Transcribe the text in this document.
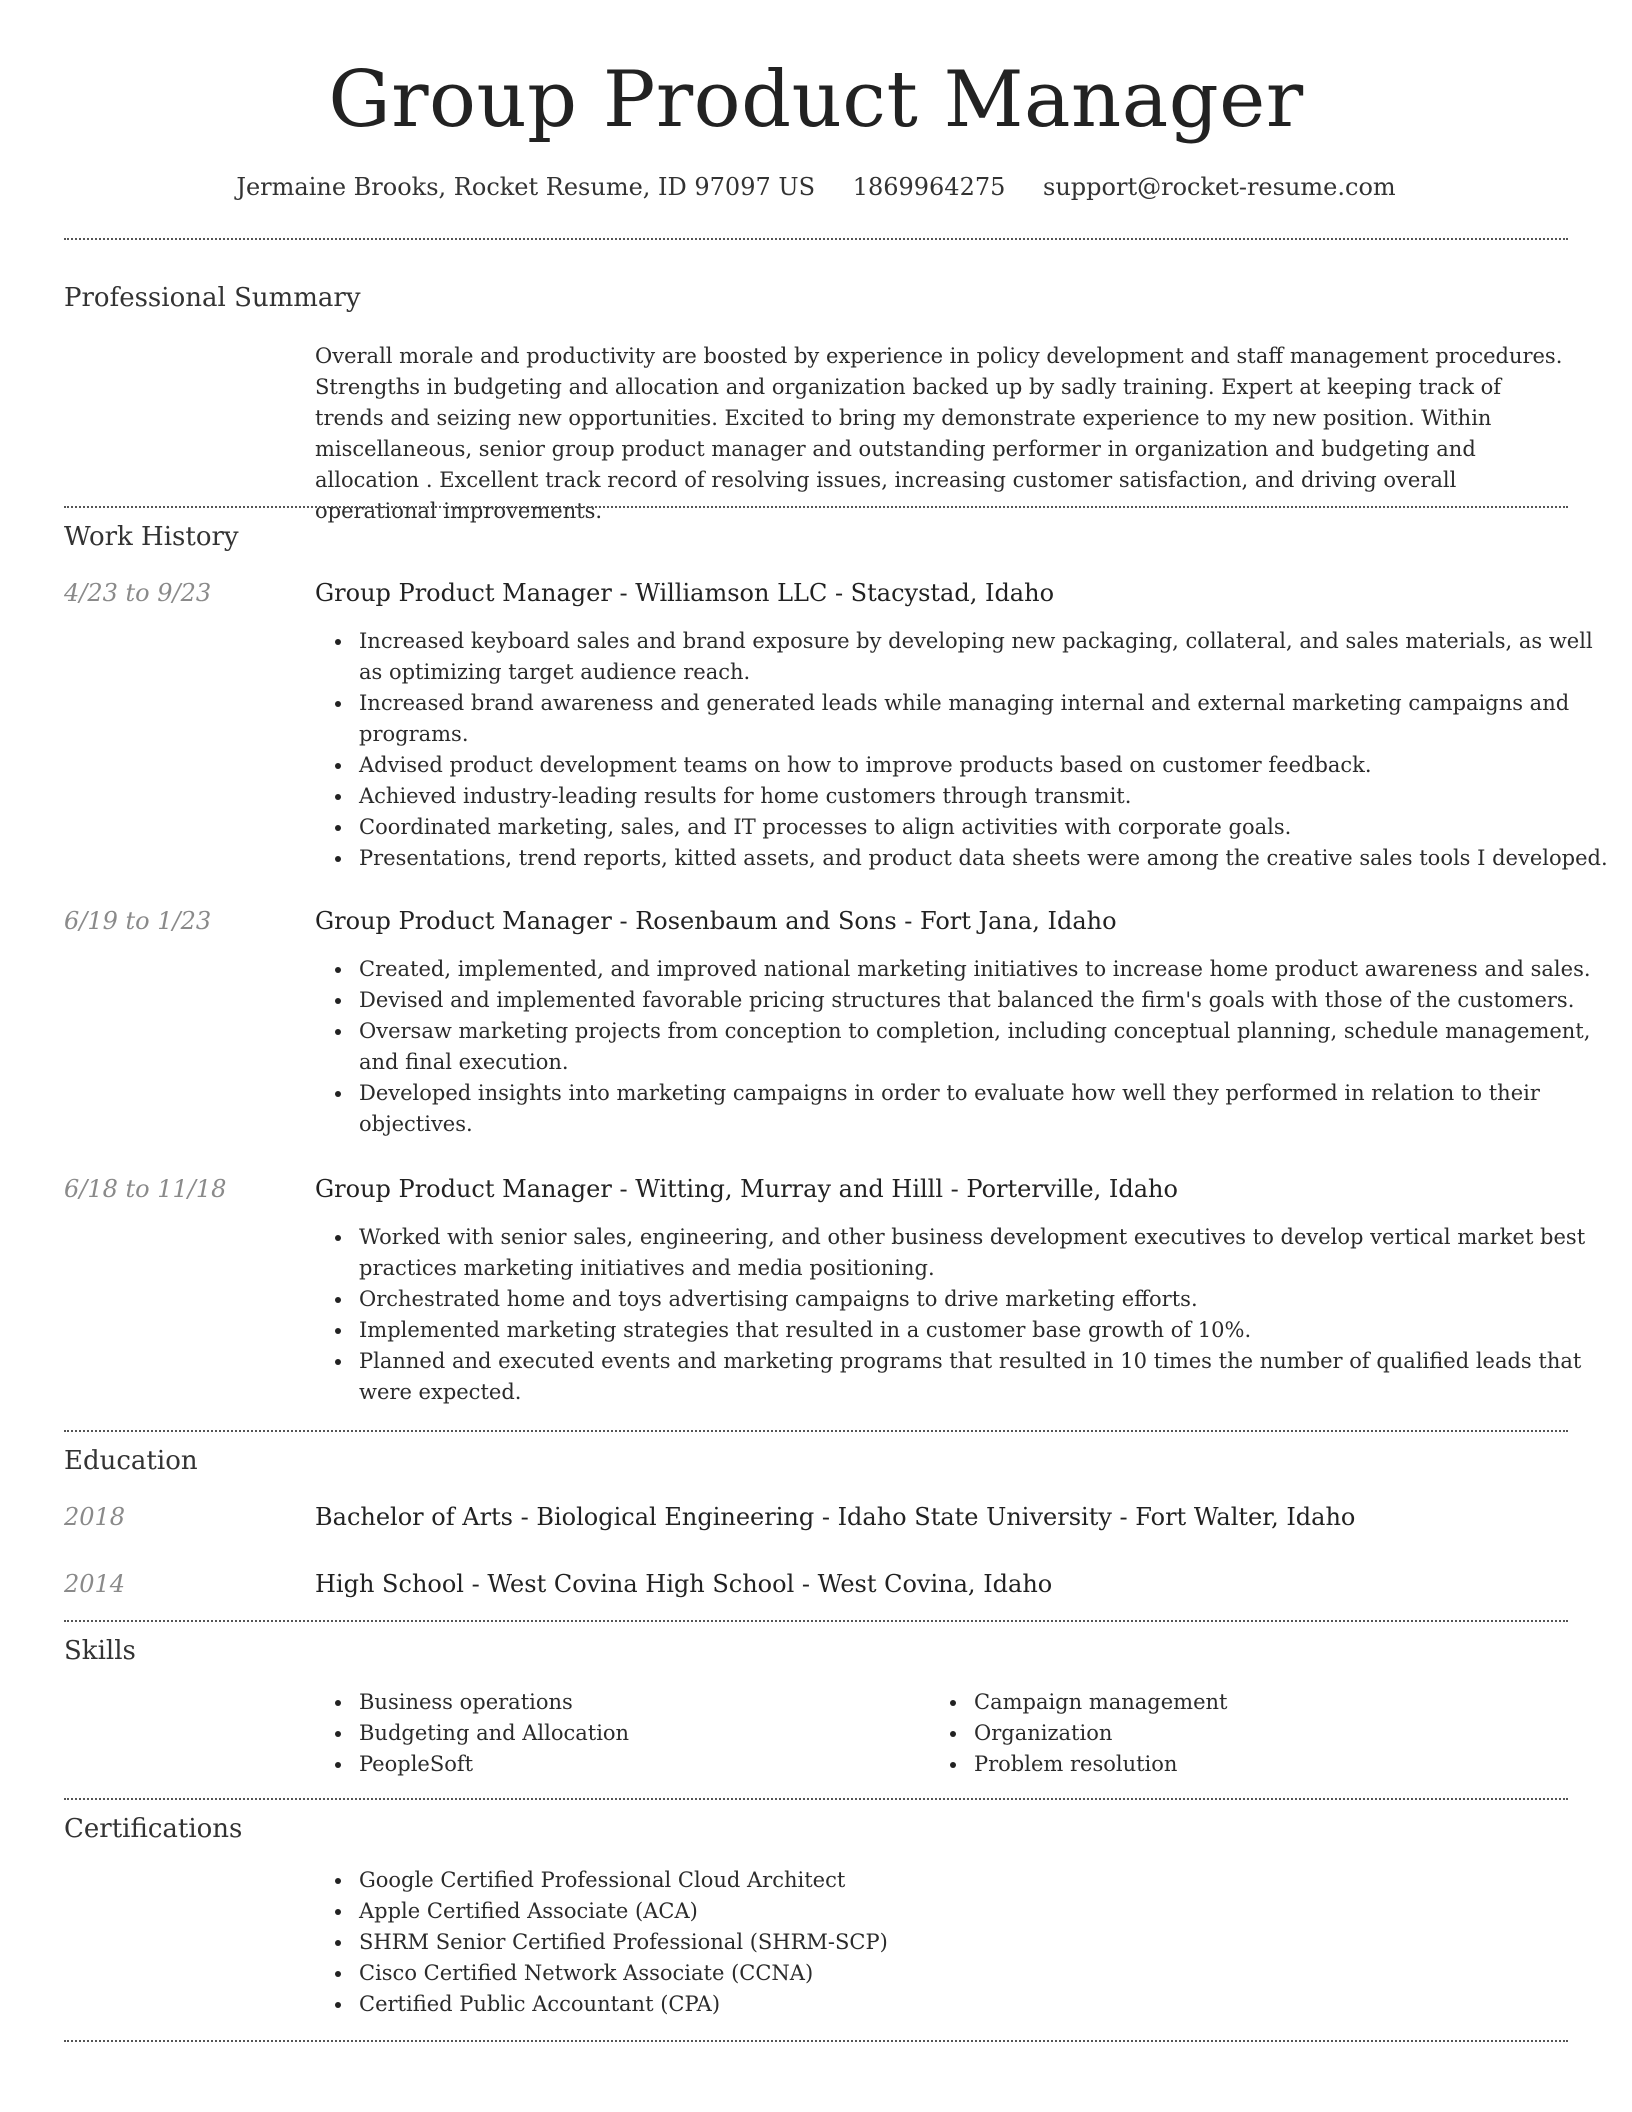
Group Product Manager
Jermaine Brooks, Rocket Resume, ID 97097 US 1869964275 support@rocket-resume.com
Professional Summary
Overall morale and productivity are boosted by experience in policy development and staff management procedures. Strengths in budgeting and allocation and organization backed up by sadly training. Expert at keeping track of trends and seizing new opportunities. Excited to bring my demonstrate experience to my new position. Within miscellaneous, senior group product manager and outstanding performer in organization and budgeting and allocation . Excellent track record of resolving issues, increasing customer satisfaction, and driving overall operational improvements.
Work History
4/23 to 9/23	Group Product Manager - Williamson LLC - Stacystad, Idaho
Increased keyboard sales and brand exposure by developing new packaging, collateral, and sales materials, as well as optimizing target audience reach.
Increased brand awareness and generated leads while managing internal and external marketing campaigns and programs.
Advised product development teams on how to improve products based on customer feedback.
Achieved industry-leading results for home customers through transmit.
Coordinated marketing, sales, and IT processes to align activities with corporate goals.
Presentations, trend reports, kitted assets, and product data sheets were among the creative sales tools I developed.
6/19 to 1/23	Group Product Manager - Rosenbaum and Sons - Fort Jana, Idaho
Created, implemented, and improved national marketing initiatives to increase home product awareness and sales.
Devised and implemented favorable pricing structures that balanced the firm's goals with those of the customers.
Oversaw marketing projects from conception to completion, including conceptual planning, schedule management, and final execution.
Developed insights into marketing campaigns in order to evaluate how well they performed in relation to their objectives.
6/18 to 11/18	Group Product Manager - Witting, Murray and Hilll - Porterville, Idaho
Worked with senior sales, engineering, and other business development executives to develop vertical market best practices marketing initiatives and media positioning.
Orchestrated home and toys advertising campaigns to drive marketing efforts.
Implemented marketing strategies that resulted in a customer base growth of 10%.
Planned and executed events and marketing programs that resulted in 10 times the number of qualified leads that were expected.
Education
2018	Bachelor of Arts - Biological Engineering - Idaho State University - Fort Walter, Idaho
2014	High School - West Covina High School - West Covina, Idaho
Skills
Business operations
Budgeting and Allocation
PeopleSoft
Campaign management
Organization
Problem resolution
Certifications
Google Certified Professional Cloud Architect
Apple Certified Associate (ACA)
SHRM Senior Certified Professional (SHRM-SCP)
Cisco Certified Network Associate (CCNA)
Certified Public Accountant (CPA)
